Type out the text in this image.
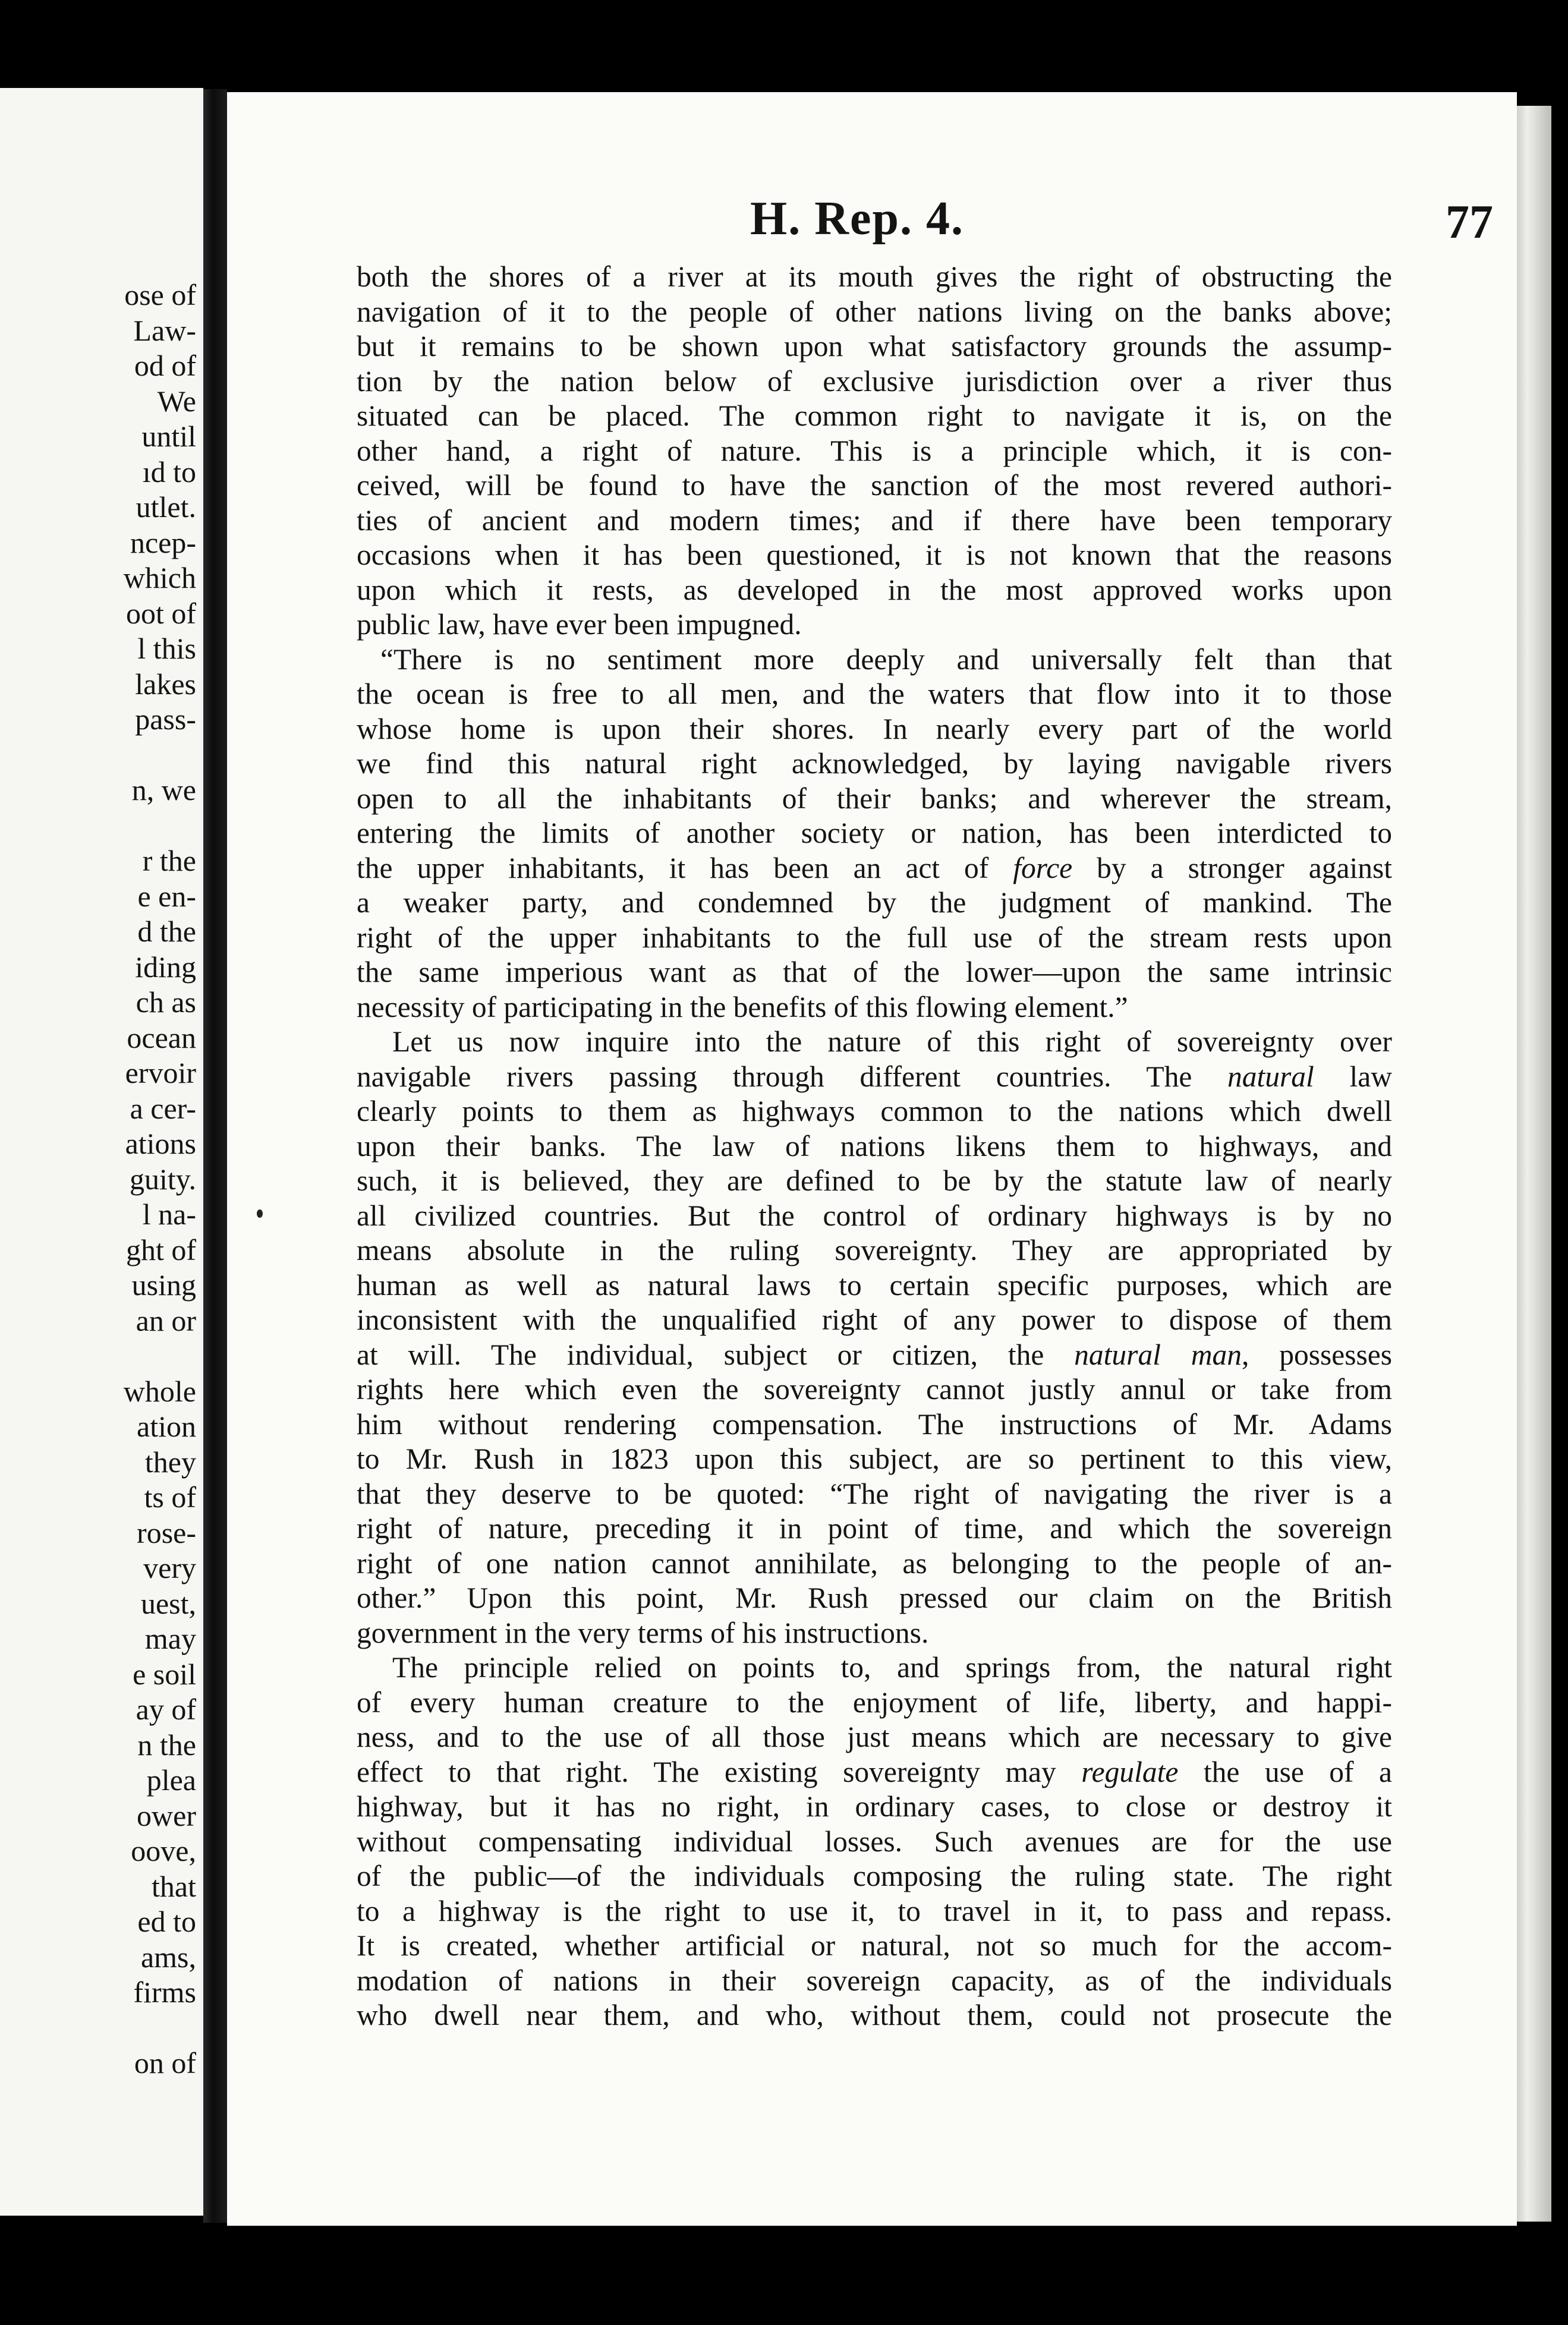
ose of
Law-
od of
We
until
ıd to
utlet.
ncep-
which
oot of
l this
lakes
pass-
n, we
r the
e en-
d the
iding
ch as
ocean
ervoir
a cer-
ations
guity.
l na-
ght of
using
an or
whole
ation
they
ts of
rose-
very
uest,
may
e soil
ay of
n the
plea
ower
oove,
that
ed to
ams,
firms
on of
H. Rep. 4.	77

both the shores of a river at its mouth gives the right of obstructing the

navigation of it to the people of other nations living on the banks above;

but it remains to be shown upon what satisfactory grounds the assump-

tion by the nation below of exclusive jurisdiction over a river thus

situated can be placed. The common right to navigate it is, on the

other hand, a right of nature. This is a principle which, it is con-

ceived, will be found to have the sanction of the most revered authori-

ties of ancient and modern times; and if there have been temporary

occasions when it has been questioned, it is not known that the reasons

upon which it rests, as developed in the most approved works upon

public law, have ever been impugned.

“There is no sentiment more deeply and universally felt than that

the ocean is free to all men, and the waters that flow into it to those

whose home is upon their shores. In nearly every part of the world

we find this natural right acknowledged, by laying navigable rivers

open to all the inhabitants of their banks; and wherever the stream,

entering the limits of another society or nation, has been interdicted to

the upper inhabitants, it has been an act of force by a stronger against

a weaker party, and condemned by the judgment of mankind. The

right of the upper inhabitants to the full use of the stream rests upon

the same imperious want as that of the lower—upon the same intrinsic

necessity of participating in the benefits of this flowing element.”

Let us now inquire into the nature of this right of sovereignty over

navigable rivers passing through different countries. The natural law

clearly points to them as highways common to the nations which dwell

upon their banks. The law of nations likens them to highways, and

such, it is believed, they are defined to be by the statute law of nearly

all civilized countries. But the control of ordinary highways is by no

means absolute in the ruling sovereignty. They are appropriated by

human as well as natural laws to certain specific purposes, which are

inconsistent with the unqualified right of any power to dispose of them

at will. The individual, subject or citizen, the natural man, possesses

rights here which even the sovereignty cannot justly annul or take from

him without rendering compensation. The instructions of Mr. Adams

to Mr. Rush in 1823 upon this subject, are so pertinent to this view,

that they deserve to be quoted: “The right of navigating the river is a

right of nature, preceding it in point of time, and which the sovereign

right of one nation cannot annihilate, as belonging to the people of an-

other.” Upon this point, Mr. Rush pressed our claim on the British

government in the very terms of his instructions.

The principle relied on points to, and springs from, the natural right

of every human creature to the enjoyment of life, liberty, and happi-

ness, and to the use of all those just means which are necessary to give

effect to that right. The existing sovereignty may regulate the use of a

highway, but it has no right, in ordinary cases, to close or destroy it

without compensating individual losses. Such avenues are for the use

of the public—of the individuals composing the ruling state. The right

to a highway is the right to use it, to travel in it, to pass and repass.

It is created, whether artificial or natural, not so much for the accom-

modation of nations in their sovereign capacity, as of the individuals

who dwell near them, and who, without them, could not prosecute the
